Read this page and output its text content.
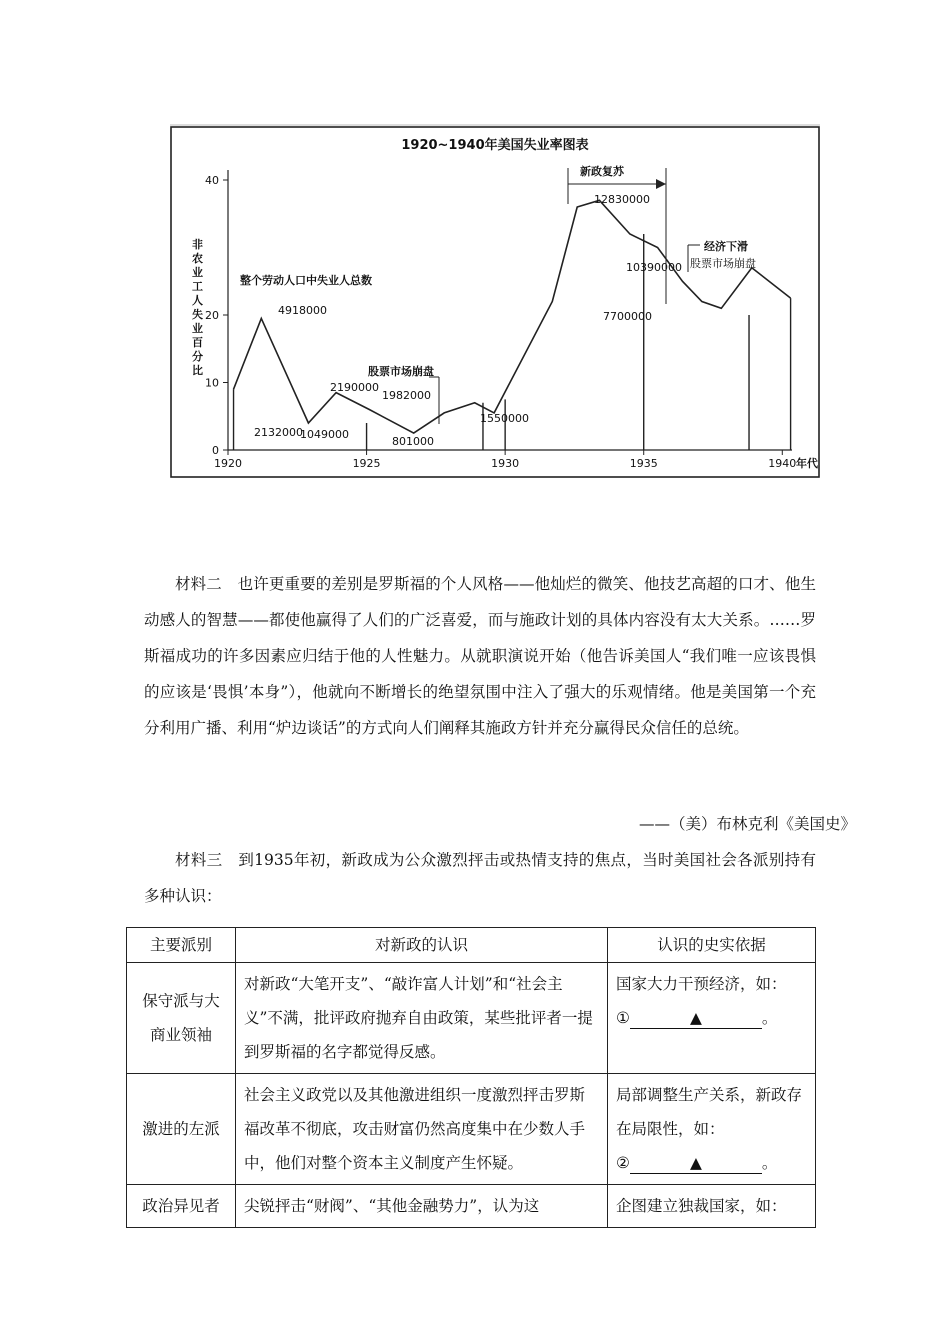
1920~1940年美国失业率图表
0
10
20
40
1920	1925	1930	1935	1940 年代
非农业工人失业百分比
整个劳动人口中失业人总数
4918000
2132000
1049000
2190000
801000
1982000
1550000
12830000
7700000
10390000 股票市场崩盘
股票市场崩盘
新政复苏
经济下滑

材料二　 也许更重要的差别是罗斯福的个人风格——他灿烂的微笑、他技艺高超的口才、他生动感人的智慧——都使他赢得了人们的广泛喜爱，而与施政计划的具体内容没有太大关系。……罗斯福成功的许多因素应归结于他的人性魅力。从就职演说开始（他告诉美国人“我们唯一应该畏惧的应该是‘畏惧’本身”），他就向不断增长的绝望氛围中注入了强大的乐观情绪。他是美国第一个充分利用广播、利用“炉边谈话”的方式向人们阐释其施政方针并充分赢得民众信任的总统。

——（美）布林克利《美国史》

材料三　 到1935年初，新政成为公众激烈抨击或热情支持的焦点，当时美国社会各派别持有多种认识：

主要派别	对新政的认识	认识的史实依据
保守派与大商业领袖	对新政“大笔开支”、“敲诈富人计划”和“社会主义”不满，批评政府抛弃自由政策，某些批评者一提到罗斯福的名字都觉得反感。	国家大力干预经济，如：
① ▲ 。
激进的左派	社会主义政党以及其他激进组织一度激烈抨击罗斯福改革不彻底，攻击财富仍然高度集中在少数人手中，他们对整个资本主义制度产生怀疑。	局部调整生产关系，新政存在局限性，如：
② ▲ 。
政治异见者	尖锐抨击“财阀”、“其他金融势力”，认为这	企图建立独裁国家，如：
